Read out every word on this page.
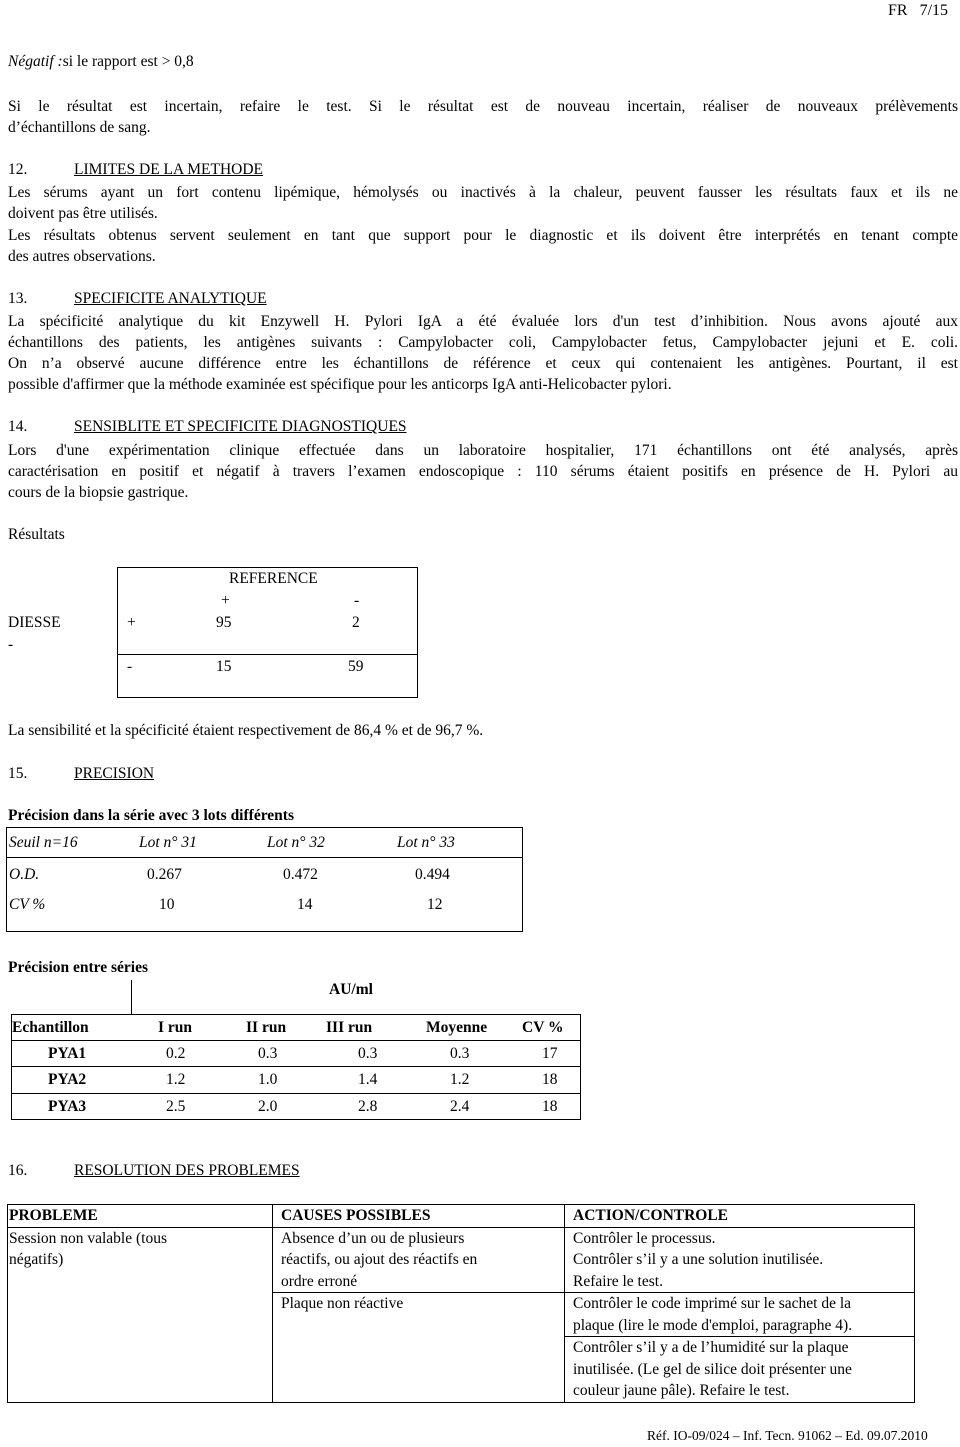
FR 7/15
Négatif :si le rapport est > 0,8
Si le résultat est incertain, refaire le test. Si le résultat est de nouveau incertain, réaliser de nouveaux prélèvements
d’échantillons de sang.
12.	LIMITES DE LA METHODE
Les sérums ayant un fort contenu lipémique, hémolysés ou inactivés à la chaleur, peuvent fausser les résultats faux et ils ne
doivent pas être utilisés.
Les résultats obtenus servent seulement en tant que support pour le diagnostic et ils doivent être interprétés en tenant compte
des autres observations.
13.	SPECIFICITE ANALYTIQUE
La spécificité analytique du kit Enzywell H. Pylori IgA a été évaluée lors d'un test d’inhibition. Nous avons ajouté aux
échantillons des patients, les antigènes suivants : Campylobacter coli, Campylobacter fetus, Campylobacter jejuni et E. coli.
On n’a observé aucune différence entre les échantillons de référence et ceux qui contenaient les antigènes. Pourtant, il est
possible d'affirmer que la méthode examinée est spécifique pour les anticorps IgA anti-Helicobacter pylori.
14.	SENSIBLITE ET SPECIFICITE DIAGNOSTIQUES
Lors d'une expérimentation clinique effectuée dans un laboratoire hospitalier, 171 échantillons ont été analysés, après
caractérisation en positif et négatif à travers l’examen endoscopique : 110 sérums étaient positifs en présence de H. Pylori au
cours de la biopsie gastrique.
Résultats
REFERENCE
+	-
DIESSE
-
+	95	2
-	15	59
La sensibilité et la spécificité étaient respectivement de 86,4 % et de 96,7 %.
15.	PRECISION
Précision dans la série avec 3 lots différents
Seuil n=16	Lot n° 31	Lot n° 32	Lot n° 33
O.D.	0.267	0.472	0.494
CV %	10	14	12
Précision entre séries
AU/ml
Echantillon	I run	II run	III run	Moyenne	CV %
PYA1	0.2	0.3	0.3	0.3	17
PYA2	1.2	1.0	1.4	1.2	18
PYA3	2.5	2.0	2.8	2.4	18
16.	RESOLUTION DES PROBLEMES
PROBLEME	CAUSES POSSIBLES	ACTION/CONTROLE

Session non valable (tous
négatifs)	Absence d’un ou de plusieurs
réactifs, ou ajout des réactifs en
ordre erroné	Contrôler le processus.
Contrôler s’il y a une solution inutilisée.
Refaire le test.

	Plaque non réactive	Contrôler le code imprimé sur le sachet de la
plaque (lire le mode d'emploi, paragraphe 4).

		Contrôler s’il y a de l’humidité sur la plaque
inutilisée. (Le gel de silice doit présenter une
couleur jaune pâle). Refaire le test.
Réf. IO-09/024 – Inf. Tecn. 91062 – Ed. 09.07.2010
